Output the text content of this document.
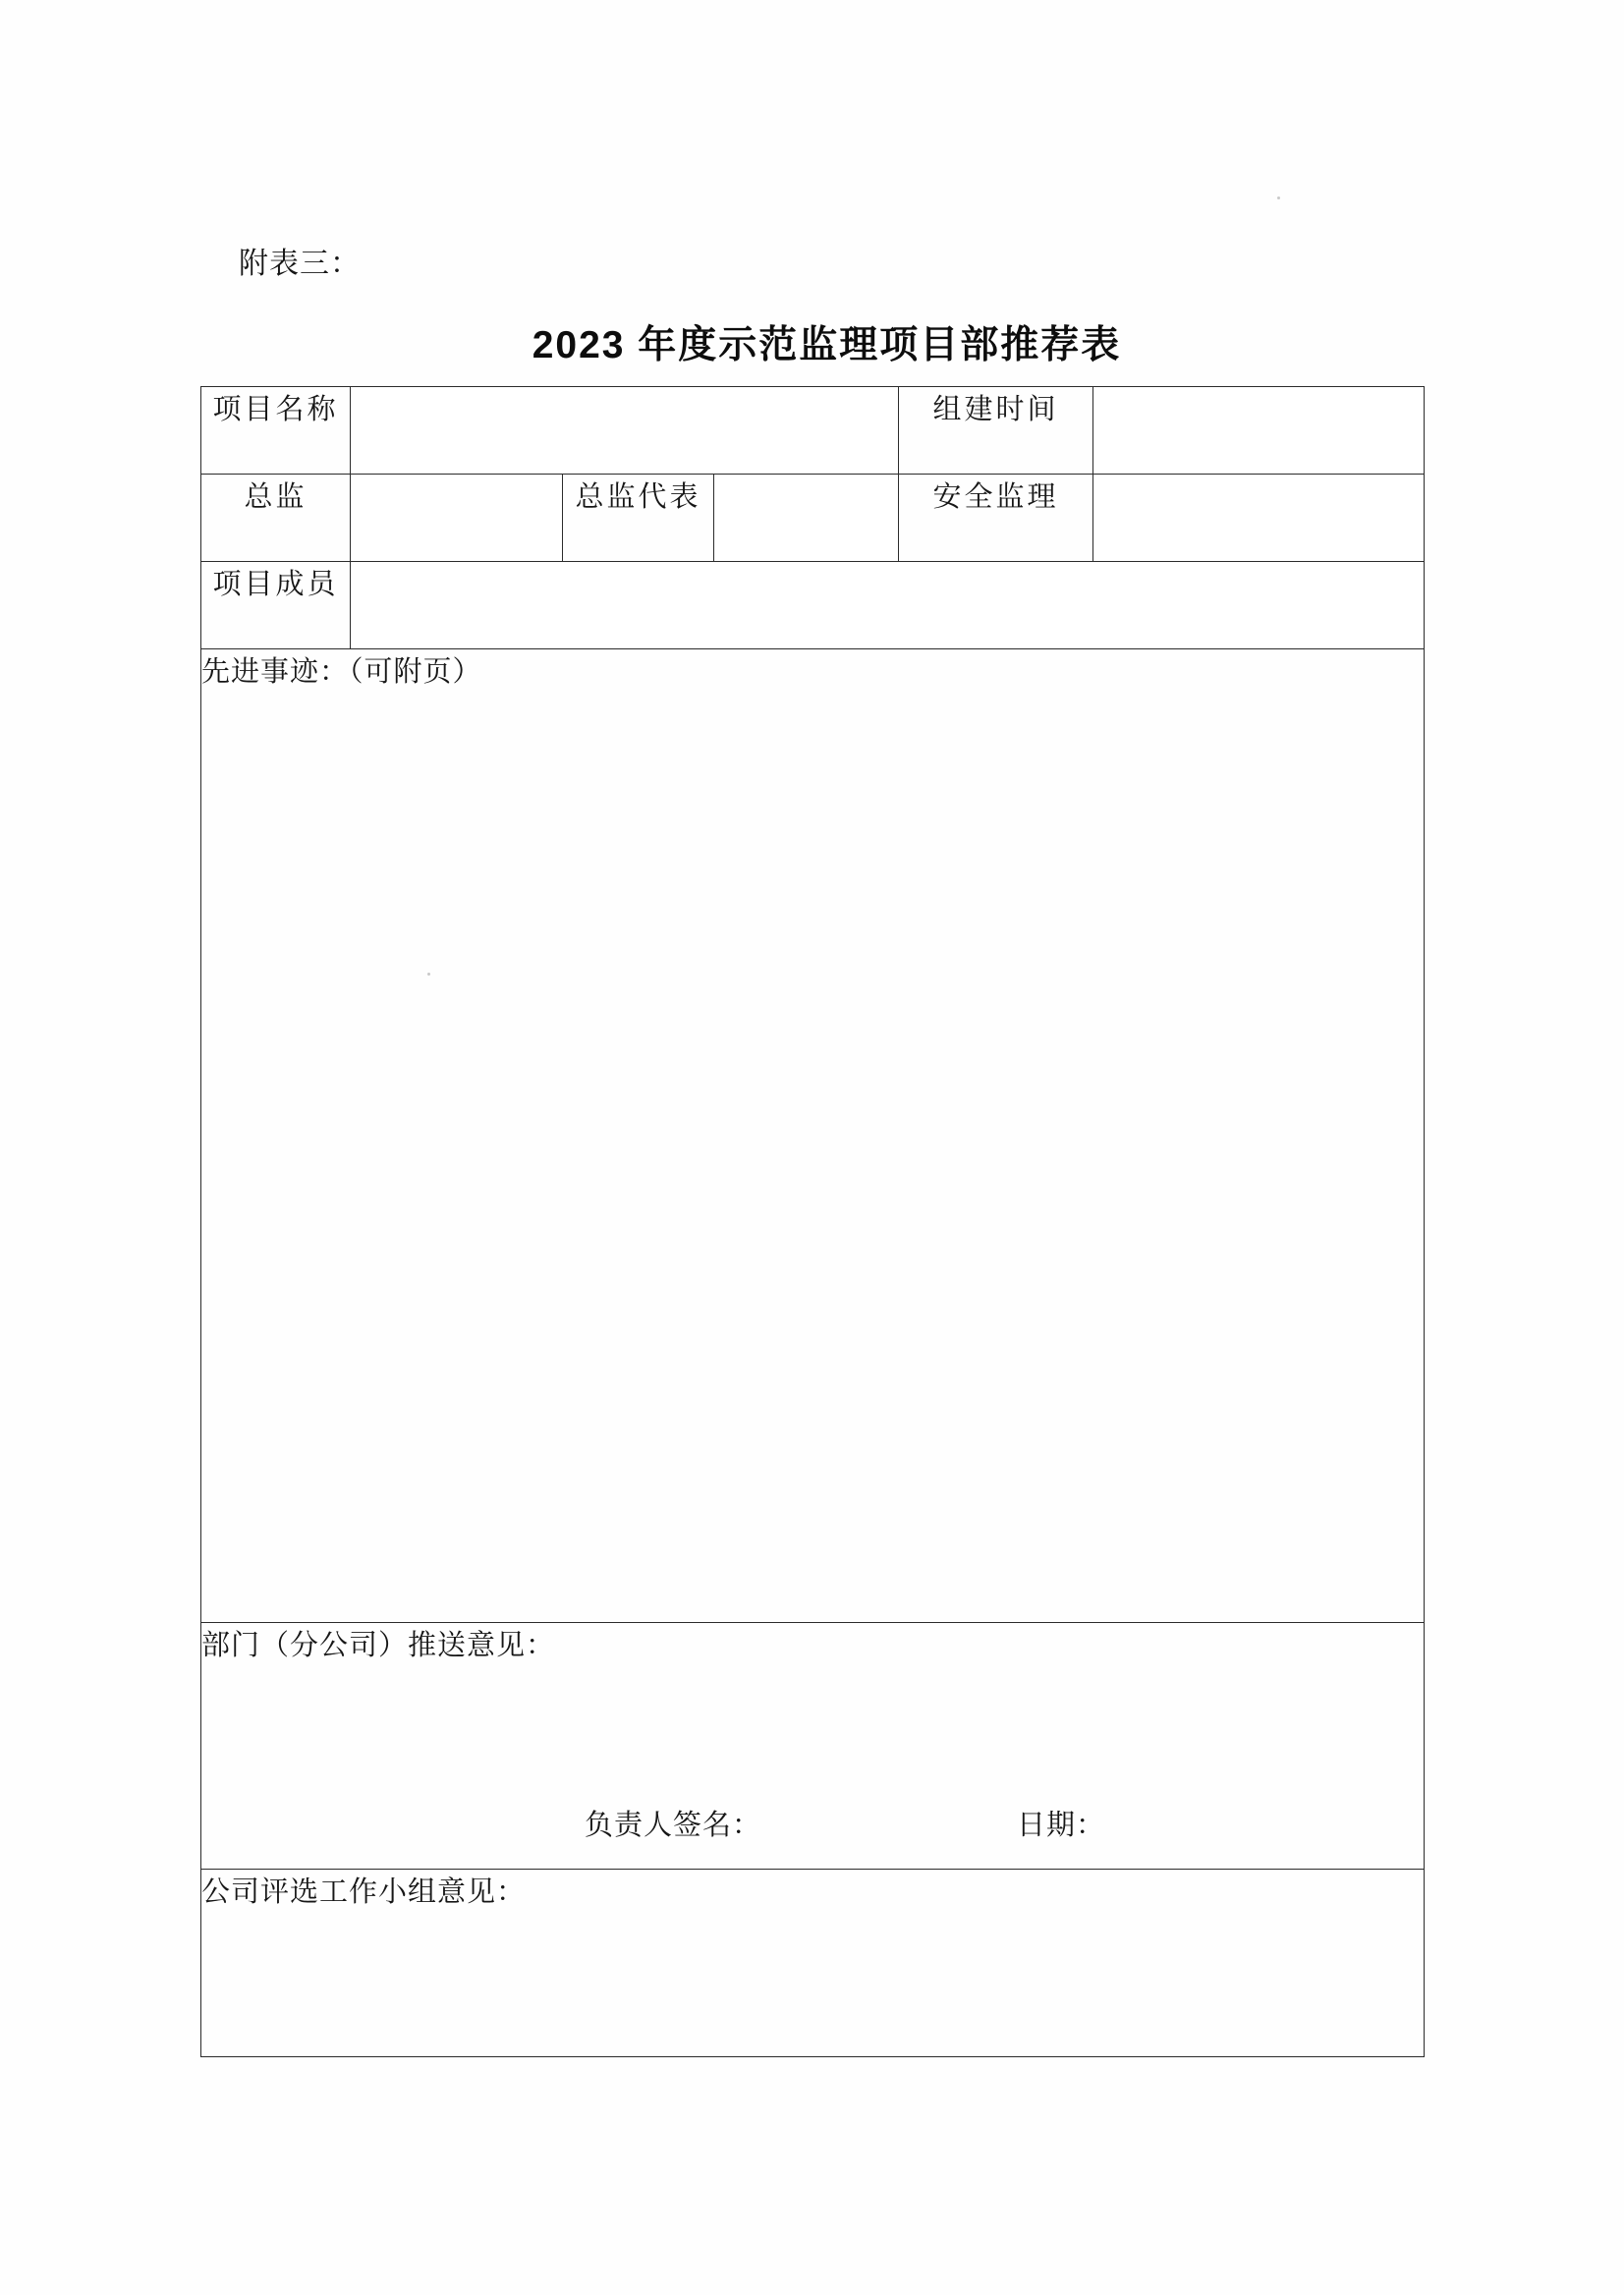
附表三：
2023 年度示范监理项目部推荐表
项目名称				组建时间	
总监		总监代表		安全监理	
项目成员					
先进事迹：（可附页）					
部门（分公司）推送意见：
负责人签名： 日期：					

公司评选工作小组意见：					
